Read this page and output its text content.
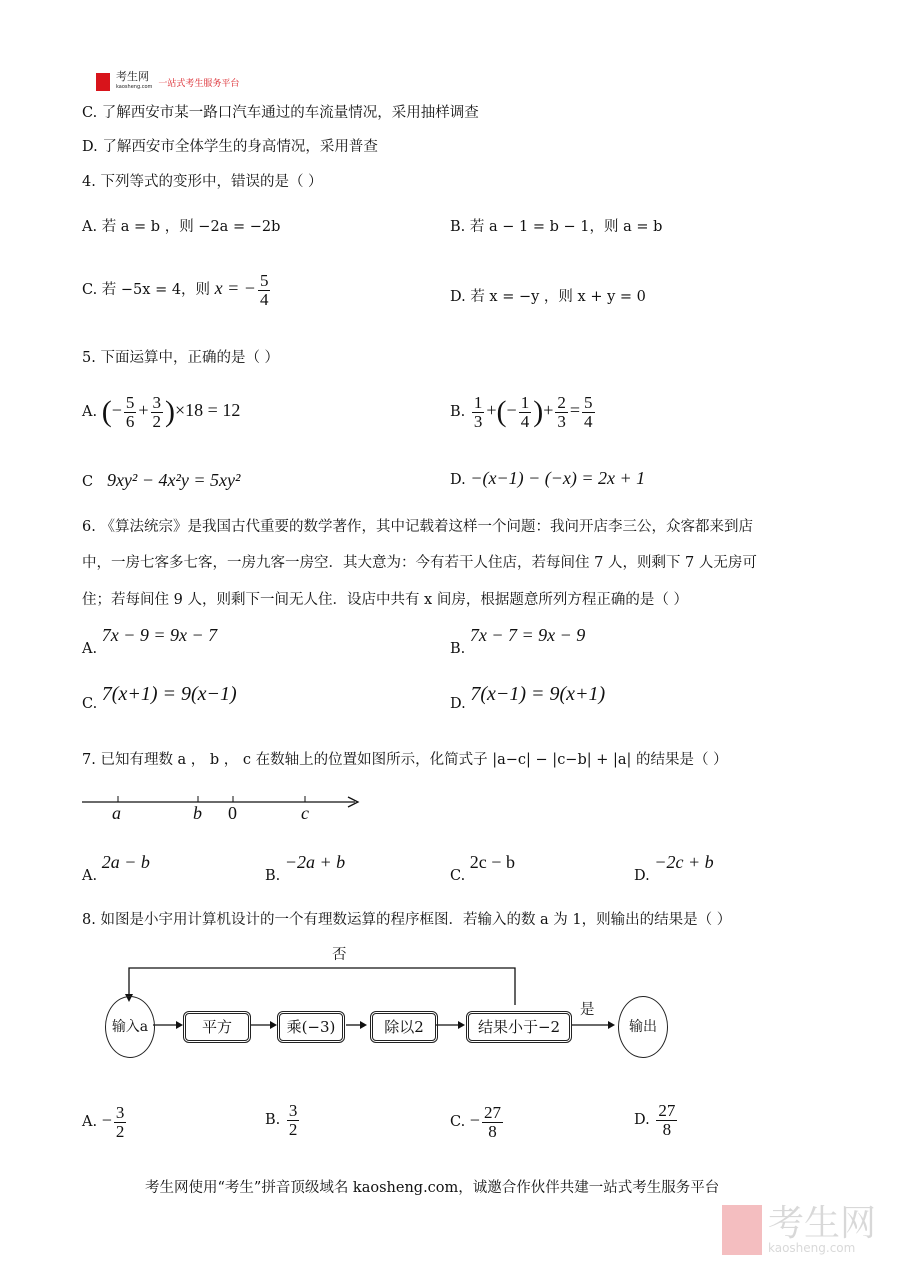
考生网
kaosheng.com 一站式考生服务平台
C. 了解西安市某一路口汽车通过的车流量情况，采用抽样调查
D. 了解西安市全体学生的身高情况，采用普查
4. 下列等式的变形中，错误的是（ ）
A. 若 a = b ，则 −2a = −2b	B. 若 a − 1 = b − 1，则 a = b
C. 若 −5x = 4，则 x = − $\frac{5}{4}$	D. 若 x = −y ，则 x + y = 0
5. 下面运算中，正确的是（ ）
A. (− $\frac{5}{6} + \frac{3}{2} )\times 18 = 12$	B. $\frac{1}{3}$ +(− $\frac{1}{4}$ )+ $\frac{2}{3} = \frac{5}{4}$
C 9xy² − 4x²y = 5xy²	D. −(x−1) − (−x) = 2x + 1
6. 《算法统宗》是我国古代重要的数学著作，其中记载着这样一个问题：我问开店李三公，众客都来到店
中，一房七客多七客，一房九客一房空．其大意为：今有若干人住店，若每间住 7 人，则剩下 7 人无房可
住；若每间住 9 人，则剩下一间无人住．设店中共有 x 间房，根据题意所列方程正确的是（ ）
A. 7x − 9 = 9x − 7
B. 7x − 7 = 9x − 9
C. 7(x+1) = 9(x−1)	D. 7(x−1) = 9(x+1)
7. 已知有理数 a ， b ， c 在数轴上的位置如图所示，化简式子 |a−c| − |c−b| + |a| 的结果是（ ）
a	b 0	c
A. 2a − b
B. −2a + b
C. 2c − b
D. −2c + b
8. 如图是小宇用计算机设计的一个有理数运算的程序框图．若输入的数 a 为 1，则输出的结果是（ ）
否
输入a	平方	乘(−3)	除以2	结果小于−2
是
输出
A. − $\frac{3}{2}$	B. $\frac{3}{2}$	C. − $\frac{27}{8}$	D. $\frac{27}{8}$
考生网使用“考生”拼音顶级域名 kaosheng.com，诚邀合作伙伴共建一站式考生服务平台
考生网
kaosheng.com
